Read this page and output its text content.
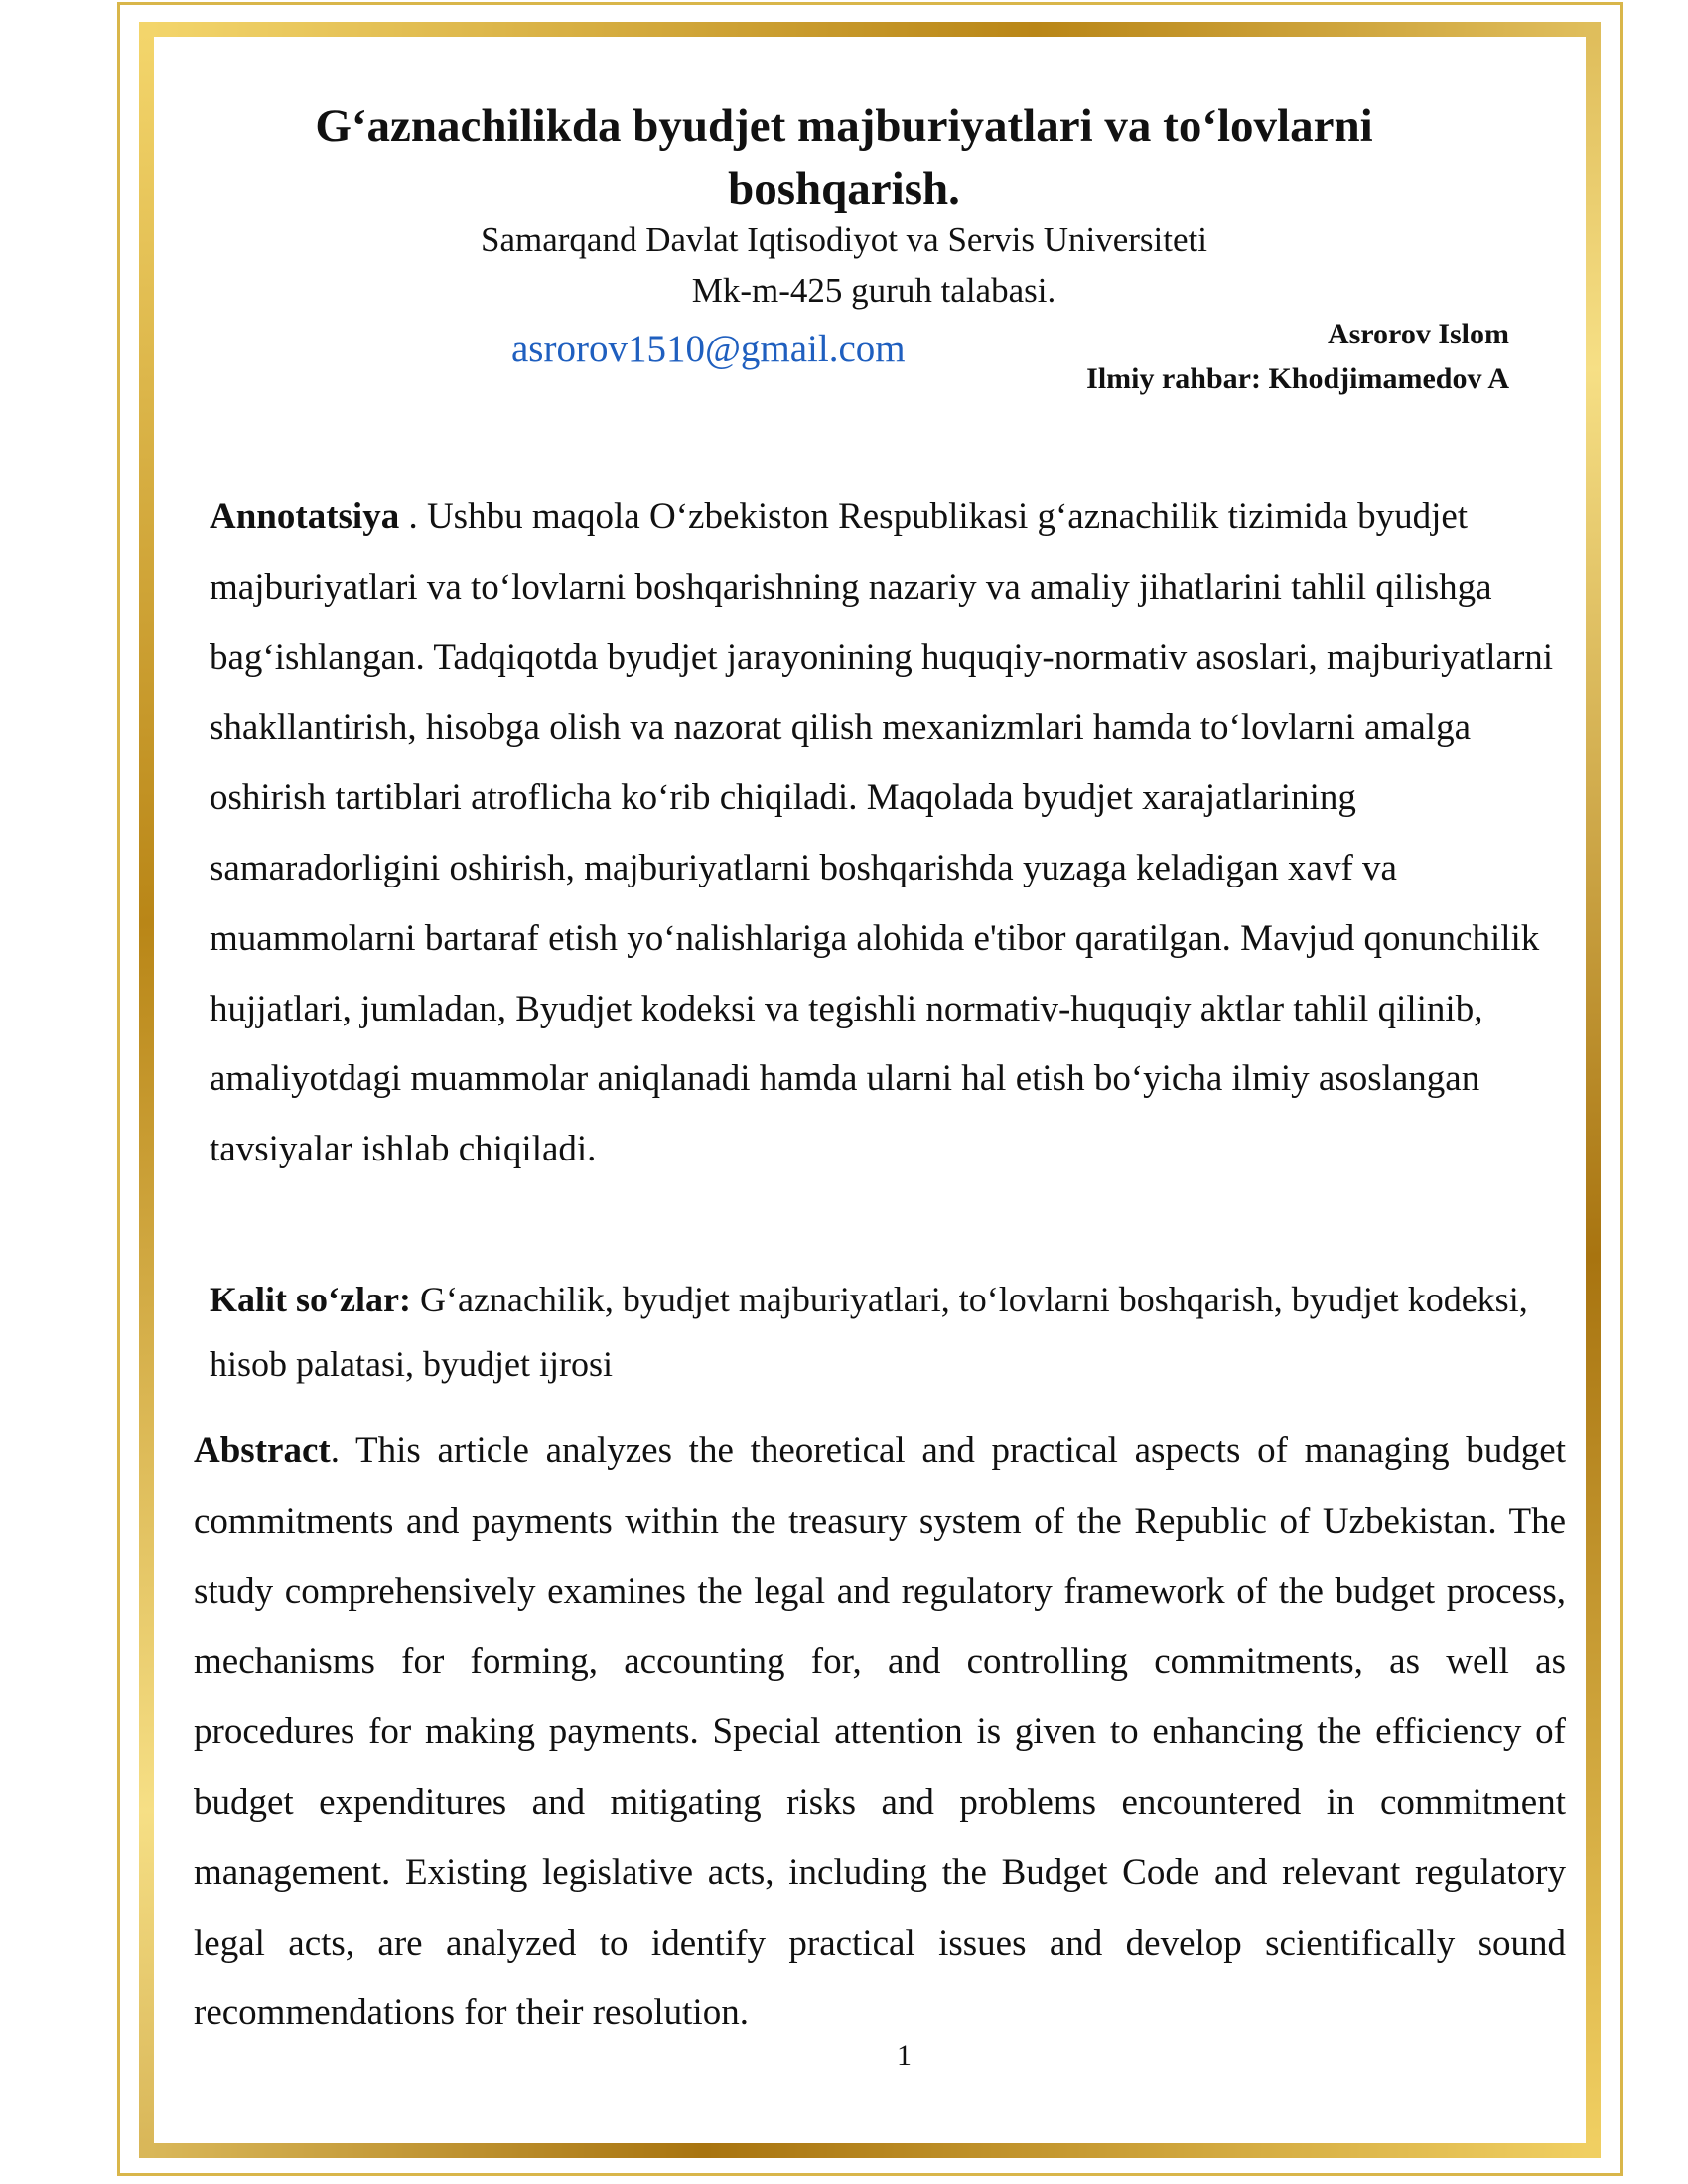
G‘aznachilikda byudjet majburiyatlari va to‘lovlarni boshqarish.

Samarqand Davlat Iqtisodiyot va Servis Universiteti

Mk-m-425 guruh talabasi.

asrorov1510@gmail.com	Asrorov Islom

Ilmiy rahbar: Khodjimamedov A

Annotatsiya . Ushbu maqola O‘zbekiston Respublikasi g‘aznachilik tizimida byudjet majburiyatlari va to‘lovlarni boshqarishning nazariy va amaliy jihatlarini tahlil qilishga bag‘ishlangan. Tadqiqotda byudjet jarayonining huquqiy-normativ asoslari, majburiyatlarni shakllantirish, hisobga olish va nazorat qilish mexanizmlari hamda to‘lovlarni amalga oshirish tartiblari atroflicha ko‘rib chiqiladi. Maqolada byudjet xarajatlarining samaradorligini oshirish, majburiyatlarni boshqarishda yuzaga keladigan xavf va muammolarni bartaraf etish yo‘nalishlariga alohida e'tibor qaratilgan. Mavjud qonunchilik hujjatlari, jumladan, Byudjet kodeksi va tegishli normativ-huquqiy aktlar tahlil qilinib, amaliyotdagi muammolar aniqlanadi hamda ularni hal etish bo‘yicha ilmiy asoslangan tavsiyalar ishlab chiqiladi.

Kalit so‘zlar: G‘aznachilik, byudjet majburiyatlari, to‘lovlarni boshqarish, byudjet kodeksi, hisob palatasi, byudjet ijrosi

Abstract. This article analyzes the theoretical and practical aspects of managing budget commitments and payments within the treasury system of the Republic of Uzbekistan. The study comprehensively examines the legal and regulatory framework of the budget process, mechanisms for forming, accounting for, and controlling commitments, as well as procedures for making payments. Special attention is given to enhancing the efficiency of budget expenditures and mitigating risks and problems encountered in commitment management. Existing legislative acts, including the Budget Code and relevant regulatory legal acts, are analyzed to identify practical issues and develop scientifically sound recommendations for their resolution.

1
